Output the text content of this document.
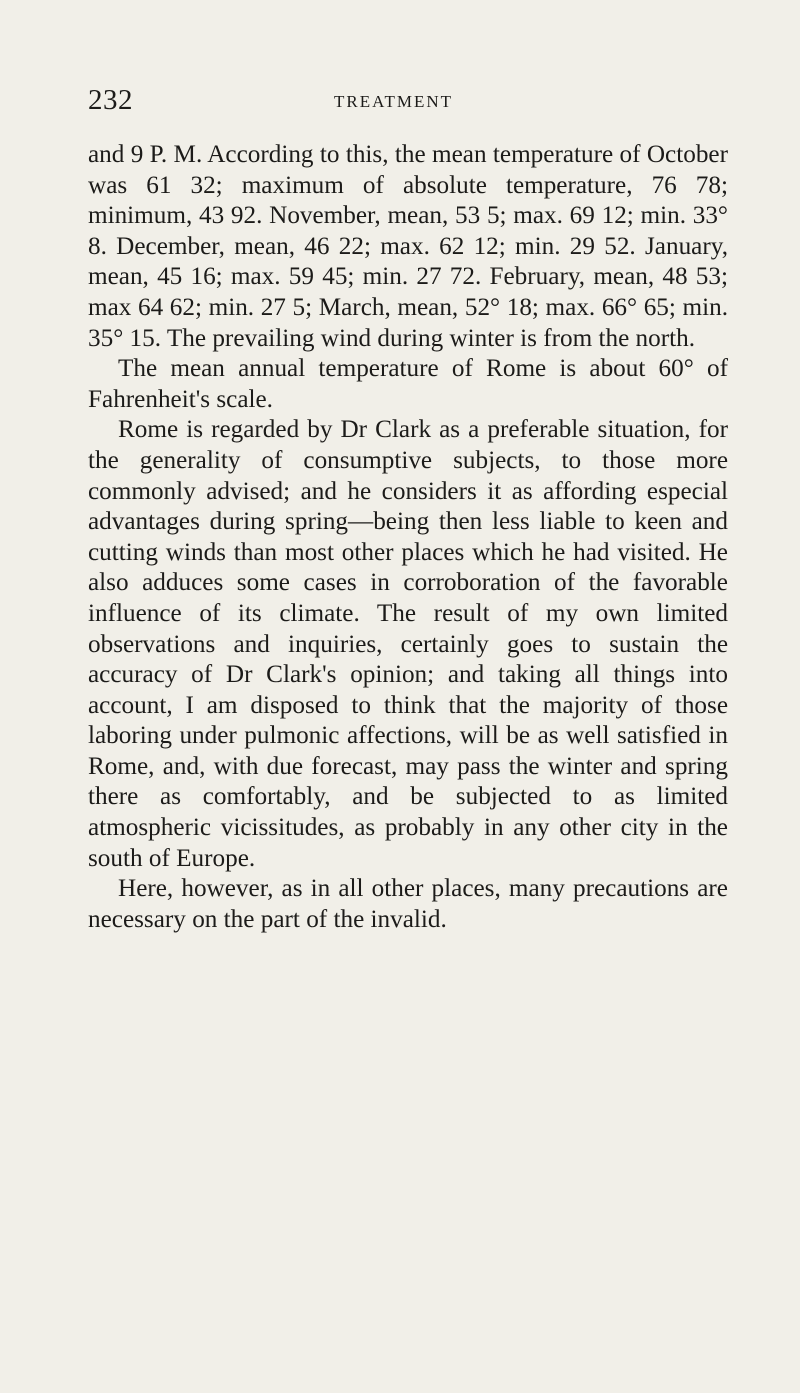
232	TREATMENT

and 9 P. M. According to this, the mean temperature of October was 61 32; maximum of absolute temperature, 76 78; minimum, 43 92. November, mean, 53 5; max. 69 12; min. 33° 8. December, mean, 46 22; max. 62 12; min. 29 52. January, mean, 45 16; max. 59 45; min. 27 72. February, mean, 48 53; max 64 62; min. 27 5; March, mean, 52° 18; max. 66° 65; min. 35° 15. The prevailing wind during winter is from the north.

The mean annual temperature of Rome is about 60° of Fahrenheit's scale.

Rome is regarded by Dr Clark as a preferable situation, for the generality of consumptive subjects, to those more commonly advised; and he considers it as affording especial advantages during spring—being then less liable to keen and cutting winds than most other places which he had visited. He also adduces some cases in corroboration of the favorable influence of its climate. The result of my own limited observations and inquiries, certainly goes to sustain the accuracy of Dr Clark's opinion; and taking all things into account, I am disposed to think that the majority of those laboring under pulmonic affections, will be as well satisfied in Rome, and, with due forecast, may pass the winter and spring there as comfortably, and be subjected to as limited atmospheric vicissitudes, as probably in any other city in the south of Europe.

Here, however, as in all other places, many precautions are necessary on the part of the invalid.
